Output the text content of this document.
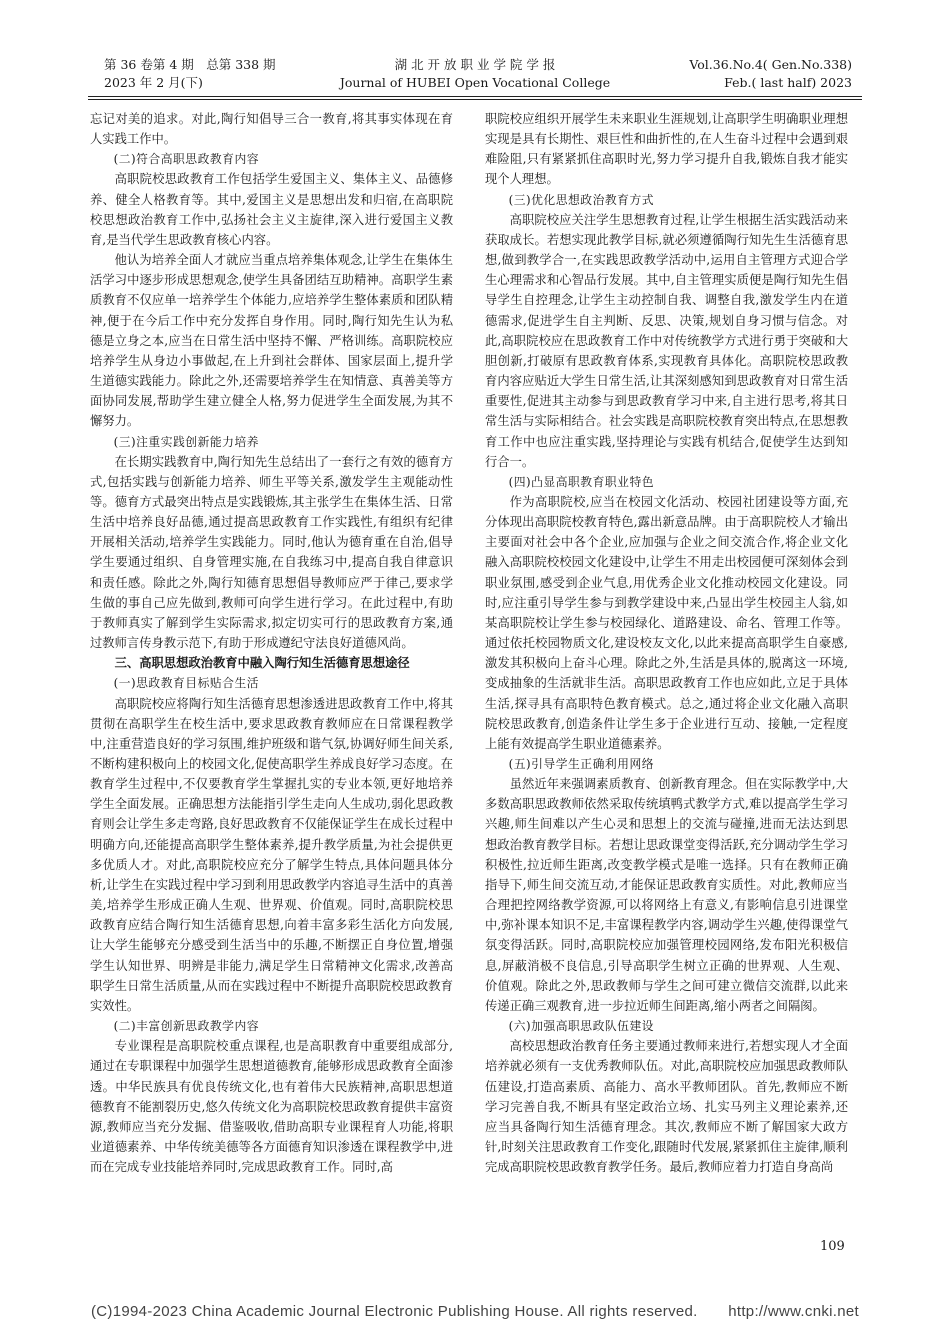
第 36 卷第 4 期　总第 338 期
2023 年 2 月(下)
湖 北 开 放 职 业 学 院 学 报
Journal of HUBEI Open Vocational College
Vol.36.No.4( Gen.No.338)
Feb.( last half) 2023

忘记对美的追求。对此,陶行知倡导三合一教育,将其事实体现在育人实践工作中。

(二)符合高职思政教育内容

高职院校思政教育工作包括学生爱国主义、集体主义、品德修养、健全人格教育等。其中,爱国主义是思想出发和归宿,在高职院校思想政治教育工作中,弘扬社会主义主旋律,深入进行爱国主义教育,是当代学生思政教育核心内容。

他认为培养全面人才就应当重点培养集体观念,让学生在集体生活学习中逐步形成思想观念,使学生具备团结互助精神。高职学生素质教育不仅应单一培养学生个体能力,应培养学生整体素质和团队精神,便于在今后工作中充分发挥自身作用。同时,陶行知先生认为私德是立身之本,应当在日常生活中坚持不懈、严格训练。高职院校应培养学生从身边小事做起,在上升到社会群体、国家层面上,提升学生道德实践能力。除此之外,还需要培养学生在知情意、真善美等方面协同发展,帮助学生建立健全人格,努力促进学生全面发展,为其不懈努力。

(三)注重实践创新能力培养

在长期实践教育中,陶行知先生总结出了一套行之有效的德育方式,包括实践与创新能力培养、师生平等关系,激发学生主观能动性等。德育方式最突出特点是实践锻炼,其主张学生在集体生活、日常生活中培养良好品德,通过提高思政教育工作实践性,有组织有纪律开展相关活动,培养学生实践能力。同时,他认为德育重在自治,倡导学生要通过组织、自身管理实施,在自我练习中,提高自我自律意识和责任感。除此之外,陶行知德育思想倡导教师应严于律己,要求学生做的事自己应先做到,教师可向学生进行学习。在此过程中,有助于教师真实了解到学生实际需求,拟定切实可行的思政教育方案,通过教师言传身教示范下,有助于形成遵纪守法良好道德风尚。

三、高职思想政治教育中融入陶行知生活德育思想途径

(一)思政教育目标贴合生活

高职院校应将陶行知生活德育思想渗透进思政教育工作中,将其贯彻在高职学生在校生活中,要求思政教育教师应在日常课程教学中,注重营造良好的学习氛围,维护班级和谐气氛,协调好师生间关系,不断构建积极向上的校园文化,促使高职学生养成良好学习态度。在教育学生过程中,不仅要教育学生掌握扎实的专业本领,更好地培养学生全面发展。正确思想方法能指引学生走向人生成功,弱化思政教育则会让学生多走弯路,良好思政教育不仅能保证学生在成长过程中明确方向,还能提高高职学生整体素养,提升教学质量,为社会提供更多优质人才。对此,高职院校应充分了解学生特点,具体问题具体分析,让学生在实践过程中学习到利用思政教学内容追寻生活中的真善美,培养学生形成正确人生观、世界观、价值观。同时,高职院校思政教育应结合陶行知生活德育思想,向着丰富多彩生活化方向发展,让大学生能够充分感受到生活当中的乐趣,不断摆正自身位置,增强学生认知世界、明辨是非能力,满足学生日常精神文化需求,改善高职学生日常生活质量,从而在实践过程中不断提升高职院校思政教育实效性。

(二)丰富创新思政教学内容

专业课程是高职院校重点课程,也是高职教育中重要组成部分,通过在专职课程中加强学生思想道德教育,能够形成思政教育全面渗透。中华民族具有优良传统文化,也有着伟大民族精神,高职思想道德教育不能割裂历史,悠久传统文化为高职院校思政教育提供丰富资源,教师应当充分发掘、借鉴吸收,借助高职专业课程育人功能,将职业道德素养、中华传统美德等各方面德育知识渗透在课程教学中,进而在完成专业技能培养同时,完成思政教育工作。同时,高

职院校应组织开展学生未来职业生涯规划,让高职学生明确职业理想实现是具有长期性、艰巨性和曲折性的,在人生奋斗过程中会遇到艰难险阻,只有紧紧抓住高职时光,努力学习提升自我,锻炼自我才能实现个人理想。

(三)优化思想政治教育方式

高职院校应关注学生思想教育过程,让学生根据生活实践活动来获取成长。若想实现此教学目标,就必须遵循陶行知先生生活德育思想,做到教学合一,在实践思政教学活动中,运用自主管理方式迎合学生心理需求和心智品行发展。其中,自主管理实质便是陶行知先生倡导学生自控理念,让学生主动控制自我、调整自我,激发学生内在道德需求,促进学生自主判断、反思、决策,规划自身习惯与信念。对此,高职院校应在思政教育工作中对传统教学方式进行勇于突破和大胆创新,打破原有思政教育体系,实现教育具体化。高职院校思政教育内容应贴近大学生日常生活,让其深刻感知到思政教育对日常生活重要性,促进其主动参与到思政教育学习中来,自主进行思考,将其日常生活与实际相结合。社会实践是高职院校教育突出特点,在思想教育工作中也应注重实践,坚持理论与实践有机结合,促使学生达到知行合一。

(四)凸显高职教育职业特色

作为高职院校,应当在校园文化活动、校园社团建设等方面,充分体现出高职院校教育特色,露出新意品牌。由于高职院校人才输出主要面对社会中各个企业,应加强与企业之间交流合作,将企业文化融入高职院校校园文化建设中,让学生不用走出校园便可深刻体会到职业氛围,感受到企业气息,用优秀企业文化推动校园文化建设。同时,应注重引导学生参与到教学建设中来,凸显出学生校园主人翁,如某高职院校让学生参与校园绿化、道路建设、命名、管理工作等。通过依托校园物质文化,建设校友文化,以此来提高高职学生自豪感,激发其积极向上奋斗心理。除此之外,生活是具体的,脱离这一环境,变成抽象的生活就非生活。高职思政教育工作也应如此,立足于具体生活,探寻具有高职特色教育模式。总之,通过将企业文化融入高职院校思政教育,创造条件让学生多于企业进行互动、接触,一定程度上能有效提高学生职业道德素养。

(五)引导学生正确利用网络

虽然近年来强调素质教育、创新教育理念。但在实际教学中,大多数高职思政教师依然采取传统填鸭式教学方式,难以提高学生学习兴趣,师生间难以产生心灵和思想上的交流与碰撞,进而无法达到思想政治教育教学目标。若想让思政课堂变得活跃,充分调动学生学习积极性,拉近师生距离,改变教学模式是唯一选择。只有在教师正确指导下,师生间交流互动,才能保证思政教育实质性。对此,教师应当合理把控网络教学资源,可以将网络上有意义,有影响信息引进课堂中,弥补课本知识不足,丰富课程教学内容,调动学生兴趣,使得课堂气氛变得活跃。同时,高职院校应加强管理校园网络,发布阳光积极信息,屏蔽消极不良信息,引导高职学生树立正确的世界观、人生观、价值观。除此之外,思政教师与学生之间可建立微信交流群,以此来传递正确三观教育,进一步拉近师生间距离,缩小两者之间隔阂。

(六)加强高职思政队伍建设

高校思想政治教育任务主要通过教师来进行,若想实现人才全面培养就必须有一支优秀教师队伍。对此,高职院校应加强思政教师队伍建设,打造高素质、高能力、高水平教师团队。首先,教师应不断学习完善自我,不断具有坚定政治立场、扎实马列主义理论素养,还应当具备陶行知生活德育理念。其次,教师应不断了解国家大政方针,时刻关注思政教育工作变化,跟随时代发展,紧紧抓住主旋律,顺利完成高职院校思政教育教学任务。最后,教师应着力打造自身高尚

109
(C)1994-2023 China Academic Journal Electronic Publishing House. All rights reserved.　　http://www.cnki.net
